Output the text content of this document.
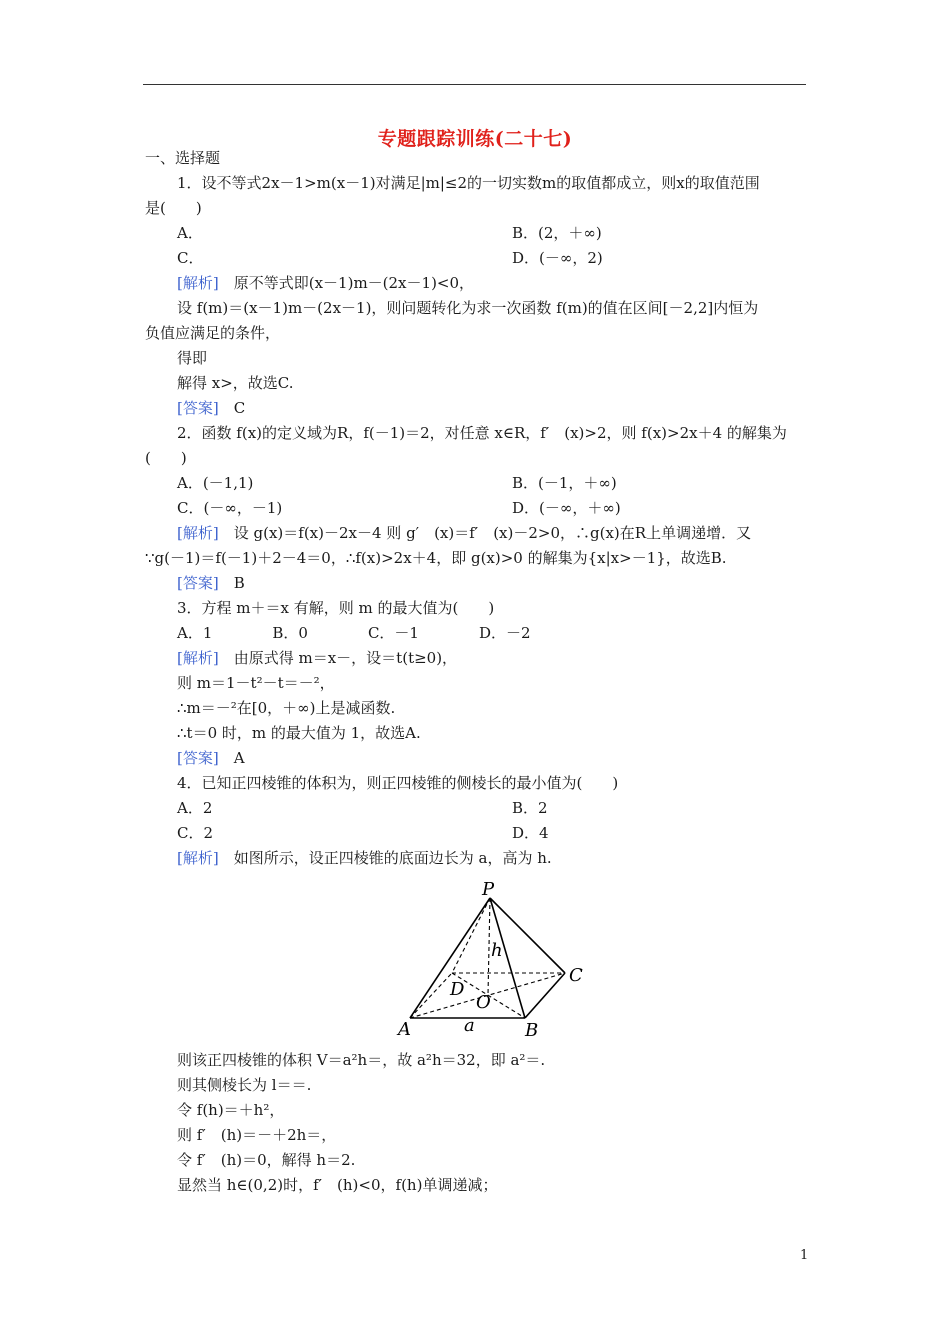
专题跟踪训练(二十七)
一、选择题
1．设不等式2x－1>m(x－1)对满足|m|≤2的一切实数m的取值都成立，则x的取值范围
是(　　)
A．	B．(2，＋∞)
C．	D．(－∞，2)
[解析]　 原不等式即(x－1)m－(2x－1)<0，
设 f(m)＝(x－1)m－(2x－1)，则问题转化为求一次函数 f(m)的值在区间[－2,2]内恒为
负值应满足的条件，
得即
解得 x>，故选C.
[答案]　 C
2．函数 f(x)的定义域为R，f(－1)＝2，对任意 x∈R，f′　(x)>2，则 f(x)>2x＋4 的解集为
(　　)
A．(－1,1)	B．(－1，＋∞)
C．(－∞，－1)	D．(－∞，＋∞)
[解析]　 设 g(x)＝f(x)－2x－4 则 g′　(x)＝f′　(x)－2>0，∴g(x)在R上单调递增．又
∵g(－1)＝f(－1)＋2－4＝0，∴f(x)>2x＋4，即 g(x)>0 的解集为{x|x>－1}，故选B.
[答案]　 B
3．方程 m＋＝x 有解，则 m 的最大值为(　　)
A．1　　　　B．0　　　　C．－1　　　　D．－2
[解析]　 由原式得 m＝x－，设＝t(t≥0)，
则 m＝1－t²－t＝－²，
∴m＝－²在[0，＋∞)上是减函数.
∴t＝0 时，m 的最大值为 1，故选A.
[答案]　 A
4．已知正四棱锥的体积为，则正四棱锥的侧棱长的最小值为(　　)
A．2	B．2
C．2	D．4
[解析]　 如图所示，设正四棱锥的底面边长为 a，高为 h.
P
h
C
D
O
A	a	B
则该正四棱锥的体积 V＝a²h＝，故 a²h＝32，即 a²＝.
则其侧棱长为 l＝＝.
令 f(h)＝＋h²，
则 f′　(h)＝－＋2h＝，
令 f′　(h)＝0，解得 h＝2.
显然当 h∈(0,2)时，f′　(h)<0，f(h)单调递减；
1
